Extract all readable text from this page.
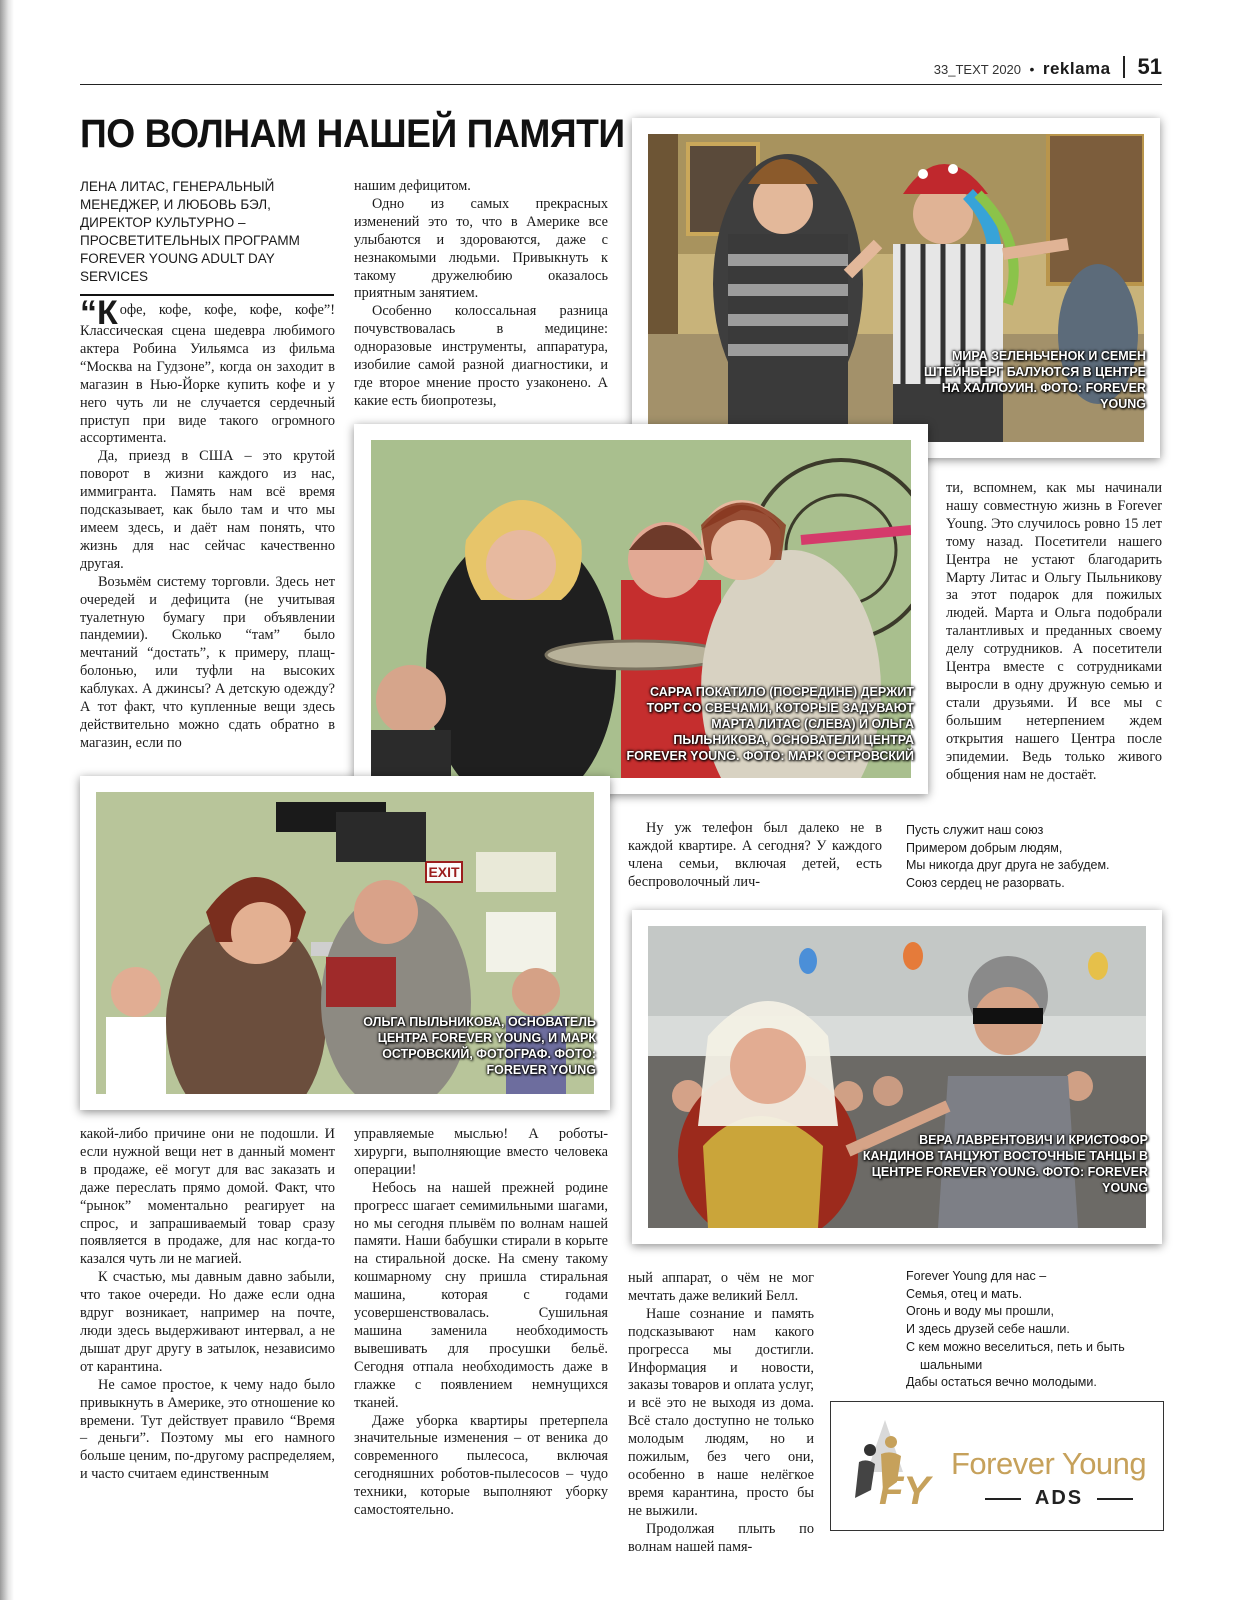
33_TEXT 2020 • reklama 51
ПО ВОЛНАМ НАШЕЙ ПАМЯТИ
ЛЕНА ЛИТАС, ГЕНЕРАЛЬНЫЙ МЕНЕДЖЕР, И ЛЮБОВЬ БЭЛ, ДИРЕКТОР КУЛЬТУРНО – ПРОСВЕТИТЕЛЬНЫХ ПРОГРАММ FOREVER YOUNG ADULT DAY SERVICES

“Кофе, кофе, кофе, кофе, кофе”! Классическая сцена шедевра любимого актера Робина Уильямса из фильма “Москва на Гудзоне”, когда он заходит в магазин в Нью-Йорке купить кофе и у него чуть ли не случается сердечный приступ при виде такого огромного ассортимента.

Да, приезд в США – это крутой поворот в жизни каждого из нас, иммигранта. Память нам всё время подсказывает, как было там и что мы имеем здесь, и даёт нам понять, что жизнь для нас сейчас качественно другая.

Возьмём систему торговли. Здесь нет очередей и дефицита (не учитывая туалетную бумагу при объявлении пандемии). Сколько “там” было мечтаний “достать”, к примеру, плащ-болонью, или туфли на высоких каблуках. А джинсы? А детскую одежду? А тот факт, что купленные вещи здесь действительно можно сдать обратно в магазин, если по

нашим дефицитом.

Одно из самых прекрасных изменений это то, что в Америке все улыбаются и здороваются, даже с незнакомыми людьми. Привыкнуть к такому дружелюбию оказалось приятным занятием.

Особенно колоссальная разница почувствовалась в медицине: одноразовые инструменты, аппаратура, изобилие самой разной диагностики, и где второе мнение просто узаконено. А какие есть биопротезы,

ти, вспомнем, как мы начинали нашу совместную жизнь в Forever Young. Это случилось ровно 15 лет тому назад. Посетители нашего Центра не устают благодарить Марту Литас и Ольгу Пыльникову за этот подарок для пожилых людей. Марта и Ольга подобрали талантливых и преданных своему делу сотрудников. А посетители Центра вместе с сотрудниками выросли в одну дружную семью и стали друзьями. И все мы с большим нетерпением ждем открытия нашего Центра после эпидемии. Ведь только живого общения нам не достаёт.

Ну уж телефон был далеко не в каждой квартире. А сегодня? У каждого члена семьи, включая детей, есть беспроволочный лич-

Пусть служит наш союз
Примером добрым людям,
Мы никогда друг друга не забудем.
Союз сердец не разорвать.

какой-либо причине они не подошли. И если нужной вещи нет в данный момент в продаже, её могут для вас заказать и даже переслать прямо домой. Факт, что “рынок” моментально реагирует на спрос, и запрашиваемый товар сразу появляется в продаже, для нас когда-то казался чуть ли не магией.

К счастью, мы давным давно забыли, что такое очереди. Но даже если одна вдруг возникает, например на почте, люди здесь выдерживают интервал, а не дышат друг другу в затылок, независимо от карантина.

Не самое простое, к чему надо было привыкнуть в Америке, это отношение ко времени. Тут действует правило “Время – деньги”. Поэтому мы его намного больше ценим, по-другому распределяем, и часто считаем единственным

управляемые мыслью! А роботы-хирурги, выполняющие вместо человека операции!

Небось на нашей прежней родине прогресс шагает семимильными шагами, но мы сегодня плывём по волнам нашей памяти. Наши бабушки стирали в корыте на стиральной доске. На смену такому кошмарному сну пришла стиральная машина, которая с годами усовершенствовалась. Сушильная машина заменила необходимость вывешивать для просушки бельё. Сегодня отпала необходимость даже в глажке с появлением немнущихся тканей.

Даже уборка квартиры претерпела значительные изменения – от веника до современного пылесоса, включая сегодняшних роботов-пылесосов – чудо техники, которые выполняют уборку самостоятельно.

ный аппарат, о чём не мог мечтать даже великий Белл.

Наше сознание и память подсказывают нам какого прогресса мы достигли. Информация и новости, заказы товаров и оплата услуг, и всё это не выходя из дома. Всё стало доступно не только молодым людям, но и пожилым, без чего они, особенно в наше нелёгкое время карантина, просто бы не выжили.

Продолжая плыть по волнам нашей памя-

Forever Young для нас –
Семья, отец и мать.
Огонь и воду мы прошли,
И здесь друзей себе нашли.
С кем можно веселиться, петь и быть
шальными
Дабы остаться вечно молодыми.
МИРА ЗЕЛЕНЬЧЕНОК И СЕМЕН ШТЕЙНБЕРГ БАЛУЮТСЯ В ЦЕНТРЕ НА ХАЛЛОУИН. ФОТО: FOREVER YOUNG
САРРА ПОКАТИЛО (ПОСРЕДИНЕ) ДЕРЖИТ ТОРТ СО СВЕЧАМИ, КОТОРЫЕ ЗАДУВАЮТ МАРТА ЛИТАС (СЛЕВА) И ОЛЬГА ПЫЛЬНИКОВА, ОСНОВАТЕЛИ ЦЕНТРА FOREVER YOUNG. ФОТО: МАРК ОСТРОВСКИЙ
EXIT
ОЛЬГА ПЫЛЬНИКОВА, ОСНОВАТЕЛЬ ЦЕНТРА FOREVER YOUNG, И МАРК ОСТРОВСКИЙ, ФОТОГРАФ. ФОТО: FOREVER YOUNG
ВЕРА ЛАВРЕНТОВИЧ И КРИСТОФОР КАНДИНОВ ТАНЦУЮТ ВОСТОЧНЫЕ ТАНЦЫ В ЦЕНТРЕ FOREVER YOUNG. ФОТО: FOREVER YOUNG
FY
Forever Young
ADS
